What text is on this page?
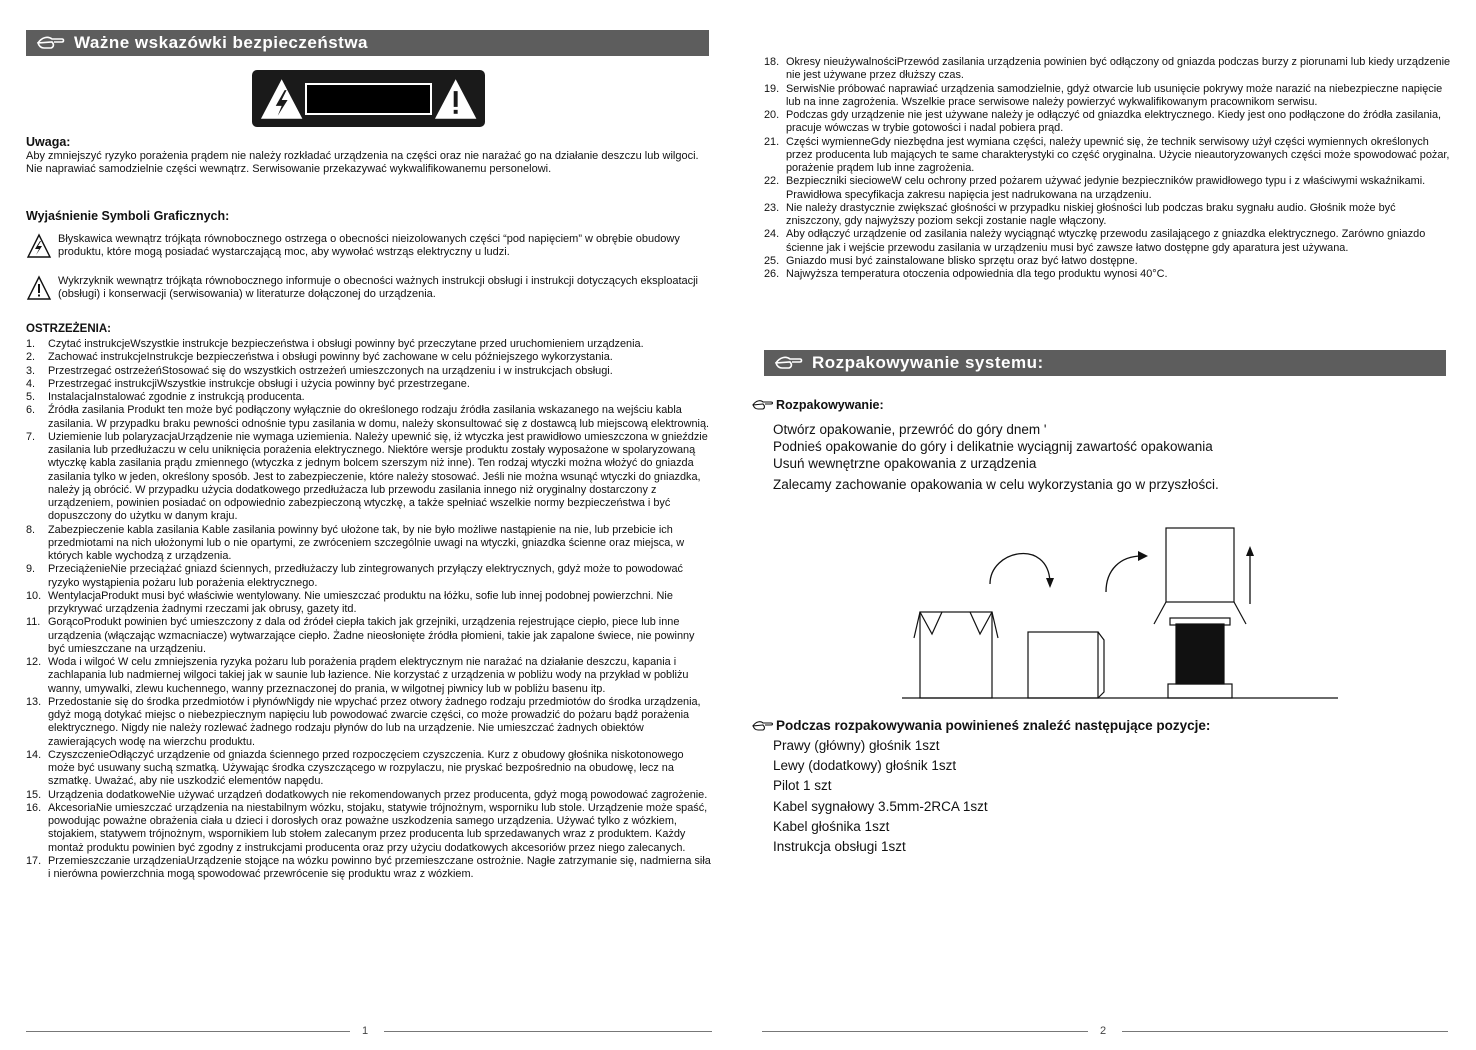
Ważne wskazówki bezpieczeństwa
Uwaga:
Aby zmniejszyć ryzyko porażenia prądem nie należy rozkładać urządzenia na części oraz nie narażać go na działanie deszczu lub wilgoci. Nie naprawiać samodzielnie części wewnątrz. Serwisowanie przekazywać wykwalifikowanemu personelowi.
Wyjaśnienie Symboli Graficznych:
Błyskawica wewnątrz trójkąta równobocznego ostrzega o obecności nieizolowanych części “pod napięciem” w obrębie obudowy produktu, które mogą posiadać wystarczającą moc, aby wywołać wstrząs elektryczny u ludzi.
Wykrzyknik wewnątrz trójkąta równobocznego informuje o obecności ważnych instrukcji obsługi i instrukcji dotyczących eksploatacji (obsługi) i konserwacji (serwisowania) w literaturze dołączonej do urządzenia.
OSTRZEŻENIA:
1.	Czytać instrukcjeWszystkie instrukcje bezpieczeństwa i obsługi powinny być przeczytane przed uruchomieniem urządzenia.
2.	Zachować instrukcjeInstrukcje bezpieczeństwa i obsługi powinny być zachowane w celu późniejszego wykorzystania.
3.	Przestrzegać ostrzeżeńStosować się do wszystkich ostrzeżeń umieszczonych na urządzeniu i w instrukcjach obsługi.
4.	Przestrzegać instrukcjiWszystkie instrukcje obsługi i użycia powinny być przestrzegane.
5.	InstalacjaInstalować zgodnie z instrukcją producenta.
6.	Źródła zasilania Produkt ten może być podłączony wyłącznie do określonego rodzaju źródła zasilania wskazanego na wejściu kabla zasilania. W przypadku braku pewności odnośnie typu zasilania w domu, należy skonsultować się z dostawcą lub miejscową elektrownią.
7.	Uziemienie lub polaryzacjaUrządzenie nie wymaga uziemienia. Należy upewnić się, iż wtyczka jest prawidłowo umieszczona w gnieździe zasilania lub przedłużaczu w celu uniknięcia porażenia elektrycznego. Niektóre wersje produktu zostały wyposażone w spolaryzowaną wtyczkę kabla zasilania prądu zmiennego (wtyczka z jednym bolcem szerszym niż inne). Ten rodzaj wtyczki można włożyć do gniazda zasilania tylko w jeden, określony sposób. Jest to zabezpieczenie, które należy stosować. Jeśli nie można wsunąć wtyczki do gniazdka, należy ją obrócić. W przypadku użycia dodatkowego przedłużacza lub przewodu zasilania innego niż oryginalny dostarczony z urządzeniem, powinien posiadać on odpowiednio zabezpieczoną wtyczkę, a także spełniać wszelkie normy bezpieczeństwa i być dopuszczony do użytku w danym kraju.
8.	Zabezpieczenie kabla zasilania Kable zasilania powinny być ułożone tak, by nie było możliwe nastąpienie na nie, lub przebicie ich przedmiotami na nich ułożonymi lub o nie opartymi, ze zwróceniem szczególnie uwagi na wtyczki, gniazdka ścienne oraz miejsca, w których kable wychodzą z urządzenia.
9.	PrzeciążenieNie przeciążać gniazd ściennych, przedłużaczy lub zintegrowanych przyłączy elektrycznych, gdyż może to powodować ryzyko wystąpienia pożaru lub porażenia elektrycznego.
10. WentylacjaProdukt musi być właściwie wentylowany. Nie umieszczać produktu na łóżku, sofie lub innej podobnej powierzchni. Nie przykrywać urządzenia żadnymi rzeczami jak obrusy, gazety itd.
11. GorącoProdukt powinien być umieszczony z dala od źródeł ciepła takich jak grzejniki, urządzenia rejestrujące ciepło, piece lub inne urządzenia (włączając wzmacniacze) wytwarzające ciepło. Żadne nieosłonięte źródła płomieni, takie jak zapalone świece, nie powinny być umieszczane na urządzeniu.
12. Woda i wilgoć W celu zmniejszenia ryzyka pożaru lub porażenia prądem elektrycznym nie narażać na działanie deszczu, kapania i zachlapania lub nadmiernej wilgoci takiej jak w saunie lub łazience. Nie korzystać z urządzenia w pobliżu wody na przykład w pobliżu wanny, umywalki, zlewu kuchennego, wanny przeznaczonej do prania, w wilgotnej piwnicy lub w pobliżu basenu itp.
13. Przedostanie się do środka przedmiotów i płynówNigdy nie wpychać przez otwory żadnego rodzaju przedmiotów do środka urządzenia, gdyż mogą dotykać miejsc o niebezpiecznym napięciu lub powodować zwarcie części, co może prowadzić do pożaru bądź porażenia elektrycznego. Nigdy nie należy rozlewać żadnego rodzaju płynów do lub na urządzenie. Nie umieszczać żadnych obiektów zawierających wodę na wierzchu produktu.
14. CzyszczenieOdłączyć urządzenie od gniazda ściennego przed rozpoczęciem czyszczenia. Kurz z obudowy głośnika niskotonowego może być usuwany suchą szmatką. Używając środka czyszczącego w rozpylaczu, nie pryskać bezpośrednio na obudowę, lecz na szmatkę. Uważać, aby nie uszkodzić elementów napędu.
15. Urządzenia dodatkoweNie używać urządzeń dodatkowych nie rekomendowanych przez producenta, gdyż mogą powodować zagrożenie.
16. AkcesoriaNie umieszczać urządzenia na niestabilnym wózku, stojaku, statywie trójnożnym, wsporniku lub stole. Urządzenie może spaść, powodując poważne obrażenia ciała u dzieci i dorosłych oraz poważne uszkodzenia samego urządzenia. Używać tylko z wózkiem, stojakiem, statywem trójnożnym, wspornikiem lub stołem zalecanym przez producenta lub sprzedawanych wraz z produktem. Każdy montaż produktu powinien być zgodny z instrukcjami producenta oraz przy użyciu dodatkowych akcesoriów przez niego zalecanych.
17. Przemieszczanie urządzeniaUrządzenie stojące na wózku powinno być przemieszczane ostrożnie. Nagłe zatrzymanie się, nadmierna siła i nierówna powierzchnia mogą spowodować przewrócenie się produktu wraz z wózkiem.
1
18. Okresy nieużywalnościPrzewód zasilania urządzenia powinien być odłączony od gniazda podczas burzy z piorunami lub kiedy urządzenie nie jest używane przez dłuższy czas.
19. SerwisNie próbować naprawiać urządzenia samodzielnie, gdyż otwarcie lub usunięcie pokrywy może narazić na niebezpieczne napięcie lub na inne zagrożenia. Wszelkie prace serwisowe należy powierzyć wykwalifikowanym pracownikom serwisu.
20. Podczas gdy urządzenie nie jest używane należy je odłączyć od gniazdka elektrycznego. Kiedy jest ono podłączone do źródła zasilania, pracuje wówczas w trybie gotowości i nadal pobiera prąd.
21. Części wymienneGdy niezbędna jest wymiana części, należy upewnić się, że technik serwisowy użył części wymiennych określonych przez producenta lub mających te same charakterystyki co część oryginalna. Użycie nieautoryzowanych części może spowodować pożar, porażenie prądem lub inne zagrożenia.
22. Bezpieczniki siecioweW celu ochrony przed pożarem używać jedynie bezpieczników prawidłowego typu i z właściwymi wskaźnikami. Prawidłowa specyfikacja zakresu napięcia jest nadrukowana na urządzeniu.
23. Nie należy drastycznie zwiększać głośności w przypadku niskiej głośności lub podczas braku sygnału audio. Głośnik może być zniszczony, gdy najwyższy poziom sekcji zostanie nagle włączony.
24. Aby odłączyć urządzenie od zasilania należy wyciągnąć wtyczkę przewodu zasilającego z gniazdka elektrycznego. Zarówno gniazdo ścienne jak i wejście przewodu zasilania w urządzeniu musi być zawsze łatwo dostępne gdy aparatura jest używana.
25. Gniazdo musi być zainstalowane blisko sprzętu oraz być łatwo dostępne.
26. Najwyższa temperatura otoczenia odpowiednia dla tego produktu wynosi 40°C.
Rozpakowywanie systemu:
Rozpakowywanie:
Otwórz opakowanie, przewróć do góry dnem '
Podnieś opakowanie do góry i delikatnie wyciągnij zawartość opakowania
Usuń wewnętrzne opakowania z urządzenia
Zalecamy zachowanie opakowania w celu wykorzystania go w przyszłości.
Podczas rozpakowywania powinieneś znaleźć następujące pozycje:
Prawy (główny) głośnik 1szt
Lewy (dodatkowy) głośnik 1szt
Pilot 1 szt
Kabel sygnałowy 3.5mm-2RCA 1szt
Kabel głośnika 1szt
Instrukcja obsługi 1szt
2
